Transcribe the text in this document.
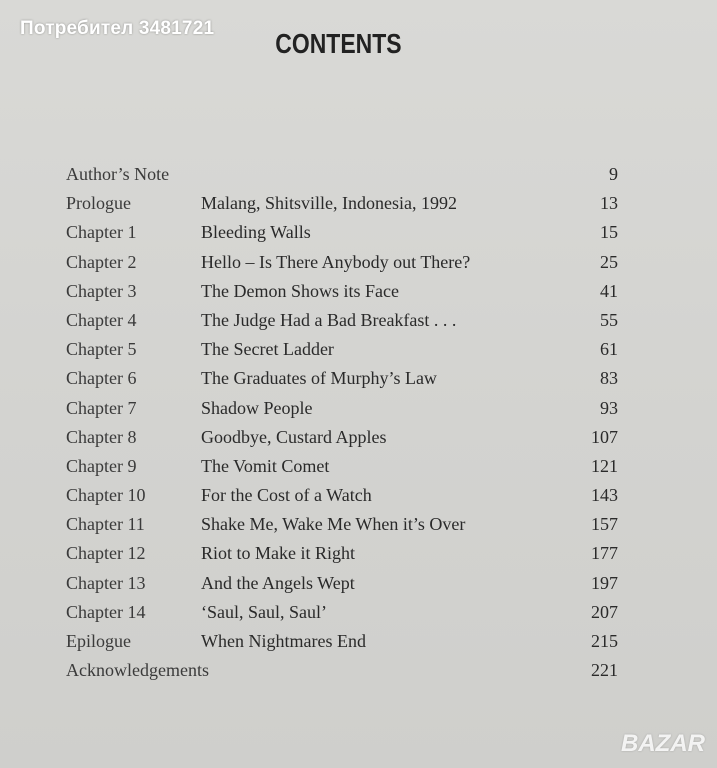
Потребител 3481721	CONTENTS
Author’s Note	9
Prologue	Malang, Shitsville, Indonesia, 1992	13
Chapter 1	Bleeding Walls	15
Chapter 2	Hello – Is There Anybody out There?	25
Chapter 3	The Demon Shows its Face	41
Chapter 4	The Judge Had a Bad Breakfast . . .	55
Chapter 5	The Secret Ladder	61
Chapter 6	The Graduates of Murphy’s Law	83
Chapter 7	Shadow People	93
Chapter 8	Goodbye, Custard Apples	107
Chapter 9	The Vomit Comet	121
Chapter 10	For the Cost of a Watch	143
Chapter 11	Shake Me, Wake Me When it’s Over	157
Chapter 12	Riot to Make it Right	177
Chapter 13	And the Angels Wept	197
Chapter 14	‘Saul, Saul, Saul’	207
Epilogue	When Nightmares End	215
Acknowledgements	221
BAZAR
